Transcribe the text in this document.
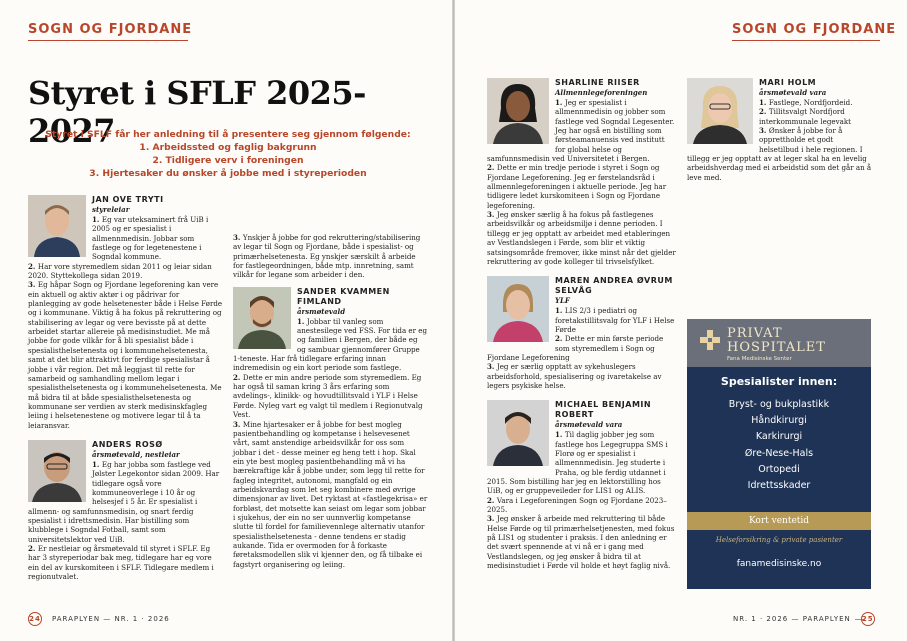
SOGN OG FJORDANE
Styret i SFLF 2025-2027
Styret i SFLF får her anledning til å presentere seg gjennom følgende:
1. Arbeidssted og faglig bakgrunn
2. Tidligere verv i foreningen
3. Hjertesaker du ønsker å jobbe med i styreperioden
JAN OVE TRYTI
styreleiar

1. Eg var uteksaminert frå UiB i 2005 og er spesialist i allmennmedisin. Jobbar som fastlege og for legetenestene i Sogndal kommune.

2. Har vore styremedlem sidan 2011 og leiar sidan 2020. Styttekollega sidan 2019.

3. Eg håpar Sogn og Fjordane legeforening kan vere ein aktuell og aktiv aktør i og pådrivar for planlegging av gode helsetenester både i Helse Førde og i kommunane. Viktig å ha fokus på rekruttering og stabilisering av legar og vere bevisste på at dette arbeidet startar allereie på medisinstudiet. Me må jobbe for gode vilkår for å bli spesialist både i spesialisthelsetenesta og i kommunehelsetenesta, samt at det blir attraktivt for ferdige spesialistar å jobbe i vår region. Det må leggjast til rette for samarbeid og samhandling mellom legar i spesialisthelsetenesta og i kommunehelsetenesta. Me må bidra til at både spesialisthelsetenesta og kommunane ser verdien av sterk medisinskfagleg leiing i helsetenestene og motivere legar til å ta leiaransvar.

ANDERS ROSØ
årsmøtevald, nestleiar

1. Eg har jobba som fastlege ved Jølster Legekontor sidan 2009. Har tidlegare også vore kommuneoverlege i 10 år og helsesjef i 5 år. Er spesialist i allmenn- og samfunnsmedisin, og snart ferdig spesialist i idrettsmedisin. Har bistilling som klubblege i Sogndal Fotball, samt som universitetslektor ved UiB.

2. Er nestleiar og årsmøtevald til styret i SFLF. Eg har 3 styreperiodar bak meg, tidlegare har eg vore ein del av kurskomiteen i SFLF. Tidlegare medlem i regionutvalet.

3. Ynskjer å jobbe for god rekruttering/stabilisering av legar til Sogn og Fjordane, både i spesialist- og primærhelsetenesta. Eg ynskjer særskilt å arbeide for fastlegeordningen, både mtp. innretning, samt vilkår for legane som arbeider i den.

SANDER KVAMMEN FIMLAND
årsmøtevald

1. Jobbar til vanleg som anestesilege ved FSS. For tida er eg og familien i Bergen, der både eg og sambuar gjennomfører Gruppe 1-teneste. Har frå tidlegare erfaring innan indremedisin og ein kort periode som fastlege.

2. Dette er min andre periode som styremedlem. Eg har også til saman kring 3 års erfaring som avdelings-, klinikk- og hovudtillitsvald i YLF i Helse Førde. Nyleg vart eg valgt til medlem i Regionutvalg Vest.

3. Mine hjartesaker er å jobbe for best mogleg pasientbehandling og kompetanse i helsevesenet vårt, samt anstendige arbeidsvilkår for oss som jobbar i det - desse meiner eg heng tett i hop. Skal ein yte best mogleg pasientbehandling må vi ha bærekraftige kår å jobbe under, som legg til rette for fagleg integritet, autonomi, mangfald og ein arbeidskvardag som let seg kombinere med øvrige dimensjonar av livet. Det ryktast at «fastlegekrisa» er forbløst, det motsette kan seiast om legar som jobbar i sjukehus, der ein no ser uunnverlig kompetanse slutte til fordel for familievennlege alternativ utanfor spesialisthelsetenesta - denne tendens er stadig aukande. Tida er overmoden for å forkaste føretaksmodellen slik vi kjenner den, og få tilbake ei fagstyrt organisering og leiing.

24	PARAPLYEN — NR. 1 · 2026
SOGN OG FJORDANE
SHARLINE RIISER
Allmennlegeforeningen

1. Jeg er spesialist i allmennmedisin og jobber som fastlege ved Sogndal Legesenter. Jeg har også en bistilling som førsteamanuensis ved institutt for global helse og samfunnsmedisin ved Universitetet i Bergen.

2. Dette er min tredje periode i styret i Sogn og Fjordane Legeforening. Jeg er førstelandsråd i allmennlegeforeningen i aktuelle periode. Jeg har tidligere ledet kurskomiteen i Sogn og Fjordane legeforening.

3. Jeg ønsker særlig å ha fokus på fastlegenes arbeidsvilkår og arbeidsmiljø i denne perioden. I tillegg er jeg opptatt av arbeidet med etableringen av Vestlandslegen i Førde, som blir et viktig satsingsområde fremover, ikke minst når det gjelder rekruttering av gode kolleger til trivselsfylket.

MAREN ANDREA ØVRUM SELVÅG
YLF

1. LIS 2/3 i pediatri og foretakstillitsvalg for YLF i Helse Førde

2. Dette er min første periode som styremedlem i Sogn og Fjordane Legeforening

3. Jeg er særlig opptatt av sykehuslegers arbeidsforhold, spesialisering og ivaretakelse av legers psykiske helse.

MICHAEL BENJAMIN ROBERT
årsmøtevald vara

1. Til daglig jobber jeg som fastlege hos Legegruppa SMS i Florø og er spesialist i allmennmedisin. Jeg studerte i Praha, og ble ferdig utdannet i 2015. Som bistilling har jeg en lektorstilling hos UiB, og er gruppeveileder for LIS1 og ALIS.

2. Vara i Legeforeningen Sogn og Fjordane 2023–2025.

3. Jeg ønsker å arbeide med rekruttering til både Helse Førde og til primærhelsetjenesten, med fokus på LIS1 og studenter i praksis. I den anledning er det svært spennende at vi nå er i gang med Vestlandslegen, og jeg ønsker å bidra til at medisinstudiet i Førde vil holde et høyt faglig nivå.

MARI HOLM
årsmøtevald vara

1. Fastlege, Nordfjordeid.

2. Tillitsvalgt Nordfjord interkommunale legevakt

3. Ønsker å jobbe for å opprettholde et godt helsetilbud i hele regionen. I tillegg er jeg opptatt av at leger skal ha en levelig arbeidshverdag med ei arbeidstid som det går an å leve med.

PRIVAT
HOSPITALET
Fana Medisinske Senter
Spesialister innen:
Bryst- og bukplastikk
Håndkirurgi
Karkirurgi
Øre-Nese-Hals
Ortopedi
Idrettsskader
Kort ventetid
Helseforsikring & private pasienter
fanamedisinske.no
NR. 1 · 2026 — PARAPLYEN	25
